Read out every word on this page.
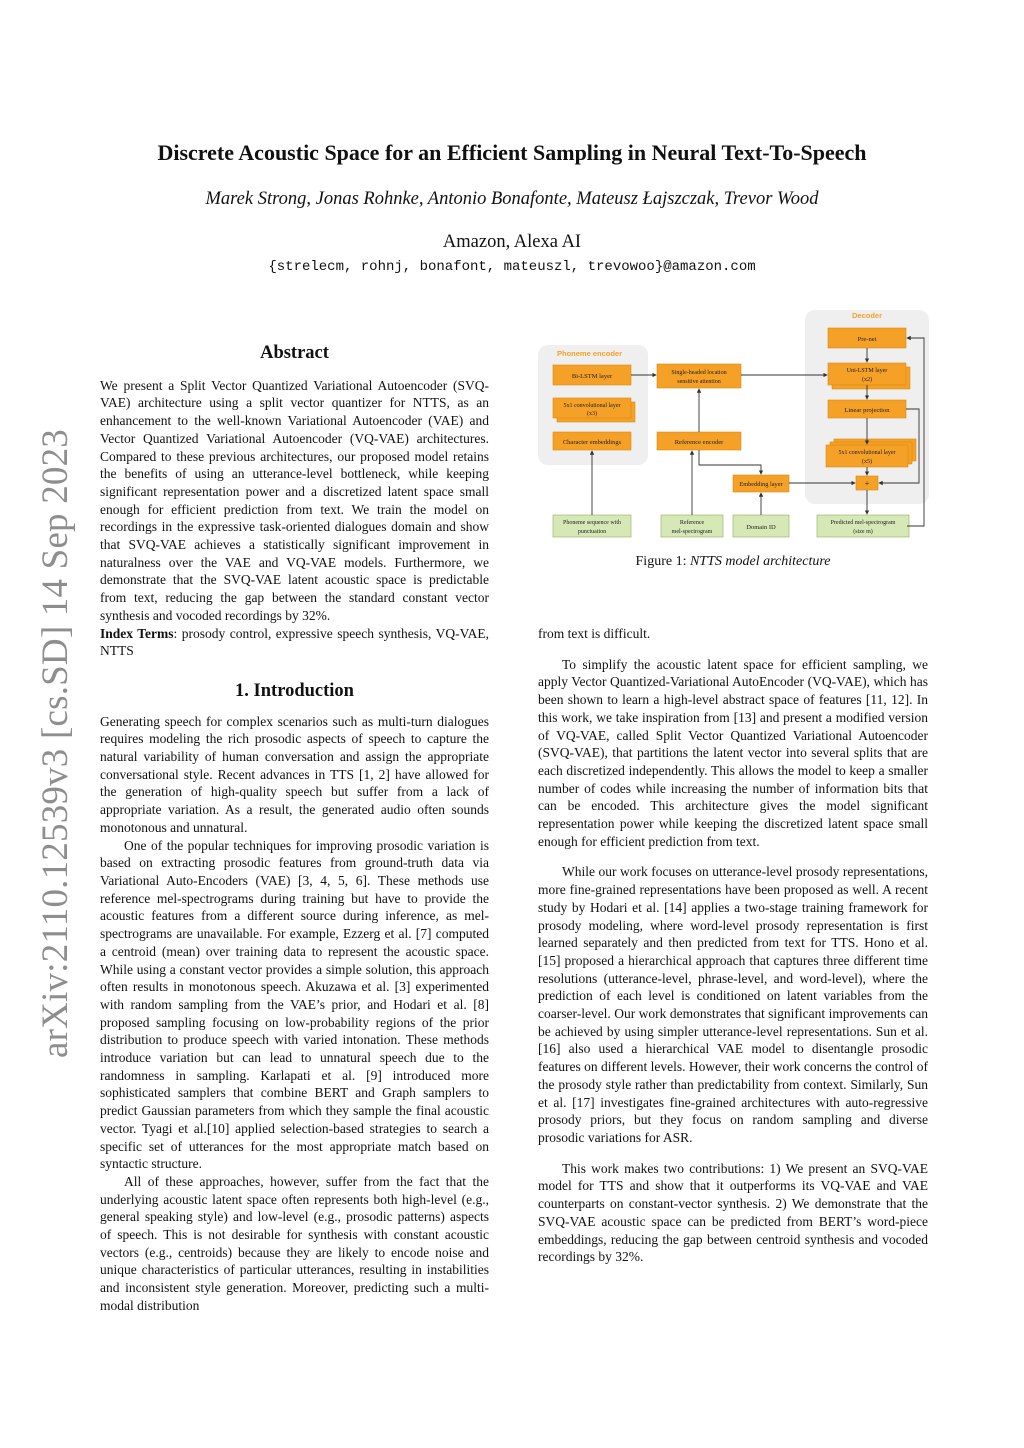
Discrete Acoustic Space for an Efficient Sampling in Neural Text-To-Speech
Marek Strong, Jonas Rohnke, Antonio Bonafonte, Mateusz Łajszczak, Trevor Wood
Amazon, Alexa AI
{strelecm, rohnj, bonafont, mateuszl, trevowoo}@amazon.com
arXiv:2110.12539v3 [cs.SD] 14 Sep 2023
Abstract

We present a Split Vector Quantized Variational Autoencoder (SVQ-VAE) architecture using a split vector quantizer for NTTS, as an enhancement to the well-known Variational Autoencoder (VAE) and Vector Quantized Variational Autoencoder (VQ-VAE) architectures. Compared to these previous architectures, our proposed model retains the benefits of using an utterance-level bottleneck, while keeping significant representation power and a discretized latent space small enough for efficient prediction from text. We train the model on recordings in the expressive task-oriented dialogues domain and show that SVQ-VAE achieves a statistically significant improvement in naturalness over the VAE and VQ-VAE models. Furthermore, we demonstrate that the SVQ-VAE latent acoustic space is predictable from text, reducing the gap between the standard constant vector synthesis and vocoded recordings by 32%.

Index Terms: prosody control, expressive speech synthesis, VQ-VAE, NTTS

1. Introduction

Generating speech for complex scenarios such as multi-turn dialogues requires modeling the rich prosodic aspects of speech to capture the natural variability of human conversation and assign the appropriate conversational style. Recent advances in TTS [1, 2] have allowed for the generation of high-quality speech but suffer from a lack of appropriate variation. As a result, the generated audio often sounds monotonous and unnatural.

One of the popular techniques for improving prosodic variation is based on extracting prosodic features from ground-truth data via Variational Auto-Encoders (VAE) [3, 4, 5, 6]. These methods use reference mel-spectrograms during training but have to provide the acoustic features from a different source during inference, as mel-spectrograms are unavailable. For example, Ezzerg et al. [7] computed a centroid (mean) over training data to represent the acoustic space. While using a constant vector provides a simple solution, this approach often results in monotonous speech. Akuzawa et al. [3] experimented with random sampling from the VAE’s prior, and Hodari et al. [8] proposed sampling focusing on low-probability regions of the prior distribution to produce speech with varied intonation. These methods introduce variation but can lead to unnatural speech due to the randomness in sampling. Karlapati et al. [9] introduced more sophisticated samplers that combine BERT and Graph samplers to predict Gaussian parameters from which they sample the final acoustic vector. Tyagi et al.[10] applied selection-based strategies to search a specific set of utterances for the most appropriate match based on syntactic structure.

All of these approaches, however, suffer from the fact that the underlying acoustic latent space often represents both high-level (e.g., general speaking style) and low-level (e.g., prosodic patterns) aspects of speech. This is not desirable for synthesis with constant acoustic vectors (e.g., centroids) because they are likely to encode noise and unique characteristics of particular utterances, resulting in instabilities and inconsistent style generation. Moreover, predicting such a multi-modal distribution

Phoneme encoder
Decoder
Bi-LSTM layer
5x1 convolutional layer
(x3)
Character embeddings
Single-headed location
sensitive attention
Reference encoder
Embedding layer
Pre-net
Uni-LSTM layer
(x2)
Linear projection
5x1 convolutional layer
(x5)
+
Phoneme sequence with
punctuation
Reference
mel-spectrogram
Domain ID
Predicted mel-spectrogram
(size m)
Figure 1: NTTS model architecture

from text is difficult.

To simplify the acoustic latent space for efficient sampling, we apply Vector Quantized-Variational AutoEncoder (VQ-VAE), which has been shown to learn a high-level abstract space of features [11, 12]. In this work, we take inspiration from [13] and present a modified version of VQ-VAE, called Split Vector Quantized Variational Autoencoder (SVQ-VAE), that partitions the latent vector into several splits that are each discretized independently. This allows the model to keep a smaller number of codes while increasing the number of information bits that can be encoded. This architecture gives the model significant representation power while keeping the discretized latent space small enough for efficient prediction from text.

While our work focuses on utterance-level prosody representations, more fine-grained representations have been proposed as well. A recent study by Hodari et al. [14] applies a two-stage training framework for prosody modeling, where word-level prosody representation is first learned separately and then predicted from text for TTS. Hono et al. [15] proposed a hierarchical approach that captures three different time resolutions (utterance-level, phrase-level, and word-level), where the prediction of each level is conditioned on latent variables from the coarser-level. Our work demonstrates that significant improvements can be achieved by using simpler utterance-level representations. Sun et al. [16] also used a hierarchical VAE model to disentangle prosodic features on different levels. However, their work concerns the control of the prosody style rather than predictability from context. Similarly, Sun et al. [17] investigates fine-grained architectures with auto-regressive prosody priors, but they focus on random sampling and diverse prosodic variations for ASR.

This work makes two contributions: 1) We present an SVQ-VAE model for TTS and show that it outperforms its VQ-VAE and VAE counterparts on constant-vector synthesis. 2) We demonstrate that the SVQ-VAE acoustic space can be predicted from BERT’s word-piece embeddings, reducing the gap between centroid synthesis and vocoded recordings by 32%.
